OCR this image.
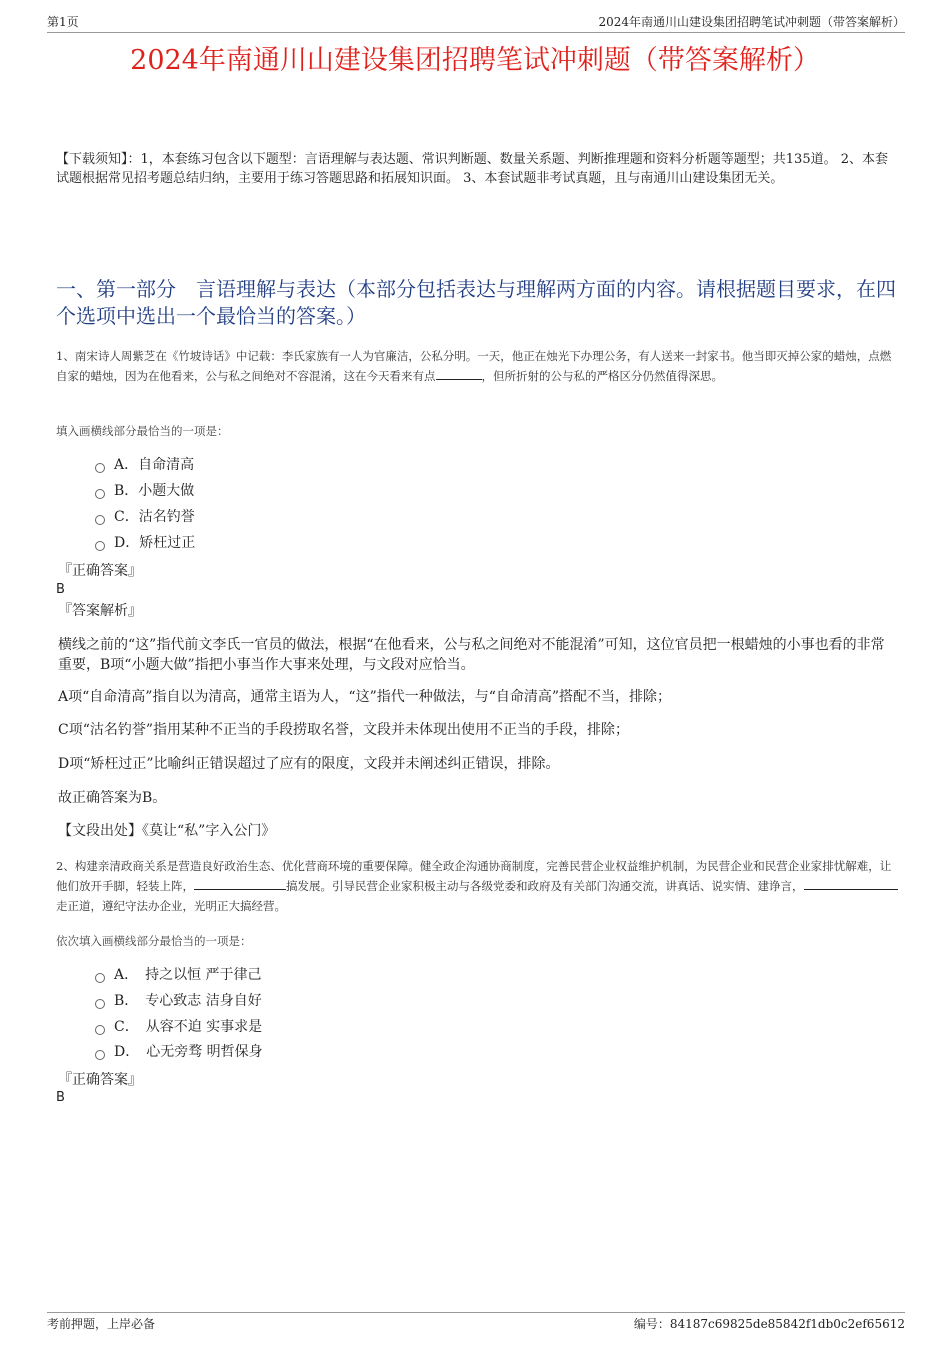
第1页	2024年南通川山建设集团招聘笔试冲刺题（带答案解析）
2024年南通川山建设集团招聘笔试冲刺题（带答案解析）
【下载须知】：1，本套练习包含以下题型：言语理解与表达题、常识判断题、数量关系题、判断推理题和资料分析题等题型；共135道。 2、本套试题根据常见招考题总结归纳，主要用于练习答题思路和拓展知识面。 3、本套试题非考试真题，且与南通川山建设集团无关。
一、第一部分　言语理解与表达（本部分包括表达与理解两方面的内容。请根据题目要求，在四个选项中选出一个最恰当的答案。）
1、南宋诗人周紫芝在《竹坡诗话》中记载：李氏家族有一人为官廉洁，公私分明。一天，他正在烛光下办理公务，有人送来一封家书。他当即灭掉公家的蜡烛，点燃自家的蜡烛，因为在他看来，公与私之间绝对不容混淆，这在今天看来有点	，但所折射的公与私的严格区分仍然值得深思。
填入画横线部分最恰当的一项是：
A．自命清高
B．小题大做
C．沽名钓誉
D．矫枉过正
『正确答案』
B
『答案解析』
横线之前的“这”指代前文李氏一官员的做法，根据“在他看来，公与私之间绝对不能混淆”可知，这位官员把一根蜡烛的小事也看的非常重要，B项“小题大做”指把小事当作大事来处理，与文段对应恰当。
A项“自命清高”指自以为清高，通常主语为人，“这”指代一种做法，与“自命清高”搭配不当，排除；
C项“沽名钓誉”指用某种不正当的手段捞取名誉，文段并未体现出使用不正当的手段，排除；
D项“矫枉过正”比喻纠正错误超过了应有的限度，文段并未阐述纠正错误，排除。
故正确答案为B。
【文段出处】《莫让“私”字入公门》
2、构建亲清政商关系是营造良好政治生态、优化营商环境的重要保障。健全政企沟通协商制度，完善民营企业权益维护机制，为民营企业和民营企业家排忧解难，让他们放开手脚，轻装上阵，	搞发展。引导民营企业家积极主动与各级党委和政府及有关部门沟通交流，讲真话、说实情、建诤言，走正道，遵纪守法办企业，光明正大搞经营。
依次填入画横线部分最恰当的一项是：
A．　持之以恒 严于律己
B．　专心致志 洁身自好
C．　从容不迫 实事求是
D．　心无旁骛 明哲保身
『正确答案』
B
考前押题，上岸必备	编号：84187c69825de85842f1db0c2ef65612
